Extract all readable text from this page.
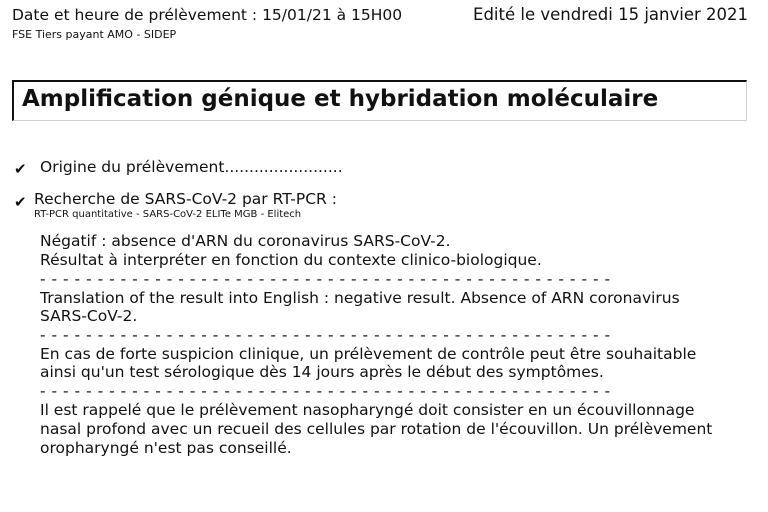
Date et heure de prélèvement : 15/01/21 à 15H00	Edité le vendredi 15 janvier 2021
FSE Tiers payant AMO - SIDEP
Amplification génique et hybridation moléculaire
✔ Origine du prélèvement........................
✔ Recherche de SARS-CoV-2 par RT-PCR :
RT-PCR quantitative - SARS-CoV-2 ELITe MGB - Elitech
Négatif : absence d'ARN du coronavirus SARS-CoV-2.
Résultat à interpréter en fonction du contexte clinico-biologique.
- - - - - - - - - - - - - - - - - - - - - - - - - - - - - - - - - - - - - - - - - - - - - - - - - -
Translation of the result into English : negative result. Absence of ARN coronavirus
SARS-CoV-2.
- - - - - - - - - - - - - - - - - - - - - - - - - - - - - - - - - - - - - - - - - - - - - - - - - -
En cas de forte suspicion clinique, un prélèvement de contrôle peut être souhaitable
ainsi qu'un test sérologique dès 14 jours après le début des symptômes.
- - - - - - - - - - - - - - - - - - - - - - - - - - - - - - - - - - - - - - - - - - - - - - - - - -
Il est rappelé que le prélèvement nasopharyngé doit consister en un écouvillonnage
nasal profond avec un recueil des cellules par rotation de l'écouvillon. Un prélèvement
oropharyngé n'est pas conseillé.
